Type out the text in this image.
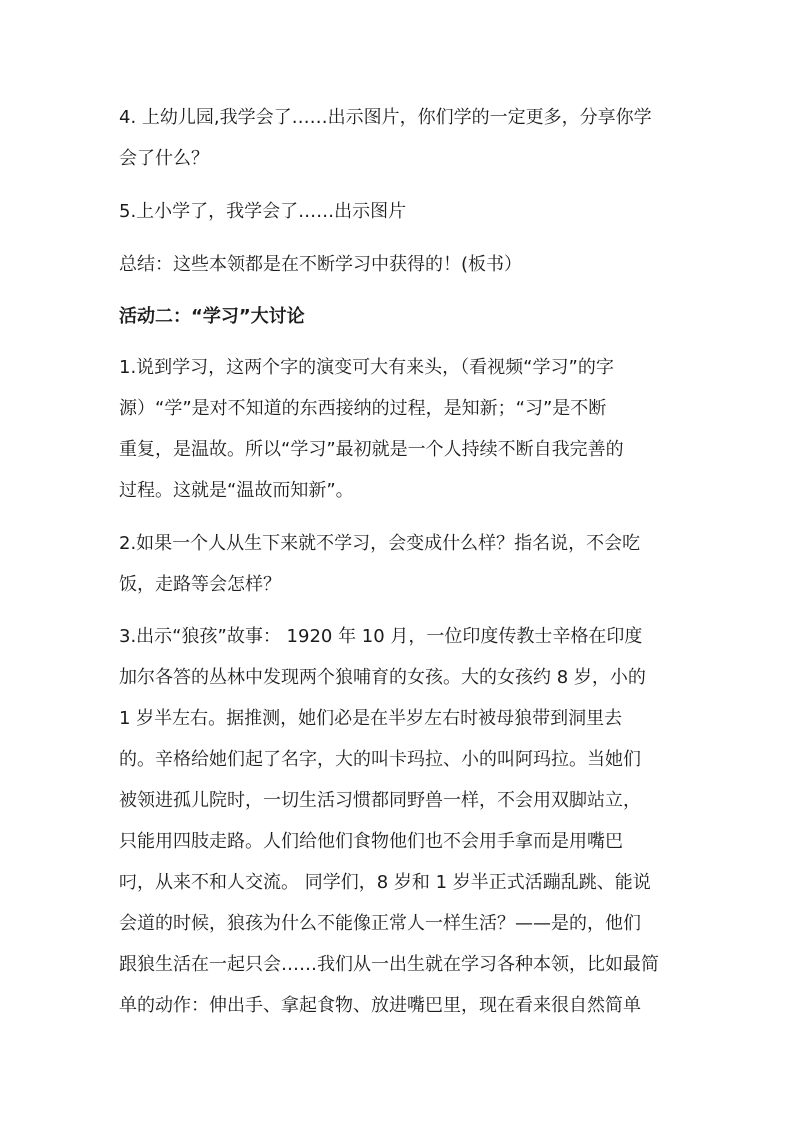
4. 上幼儿园,我学会了……出示图片，你们学的一定更多，分享你学
会了什么？
5.上小学了，我学会了……出示图片
总结：这些本领都是在不断学习中获得的！(板书）
活动二：“学习”大讨论
1.说到学习，这两个字的演变可大有来头，（看视频“学习”的字
源）“学”是对不知道的东西接纳的过程，是知新；“习”是不断
重复，是温故。所以“学习”最初就是一个人持续不断自我完善的
过程。这就是“温故而知新”。
2.如果一个人从生下来就不学习，会变成什么样？指名说，不会吃
饭，走路等会怎样？
3.出示“狼孩”故事： 1920 年 10 月，一位印度传教士辛格在印度
加尔各答的丛林中发现两个狼哺育的女孩。大的女孩约 8 岁，小的
1 岁半左右。据推测，她们必是在半岁左右时被母狼带到洞里去
的。辛格给她们起了名字，大的叫卡玛拉、小的叫阿玛拉。当她们
被领进孤儿院时，一切生活习惯都同野兽一样，不会用双脚站立，
只能用四肢走路。人们给他们食物他们也不会用手拿而是用嘴巴
叼，从来不和人交流。 同学们，8 岁和 1 岁半正式活蹦乱跳、能说
会道的时候，狼孩为什么不能像正常人一样生活？——是的，他们
跟狼生活在一起只会……我们从一出生就在学习各种本领，比如最简
单的动作：伸出手、拿起食物、放进嘴巴里，现在看来很自然简单
